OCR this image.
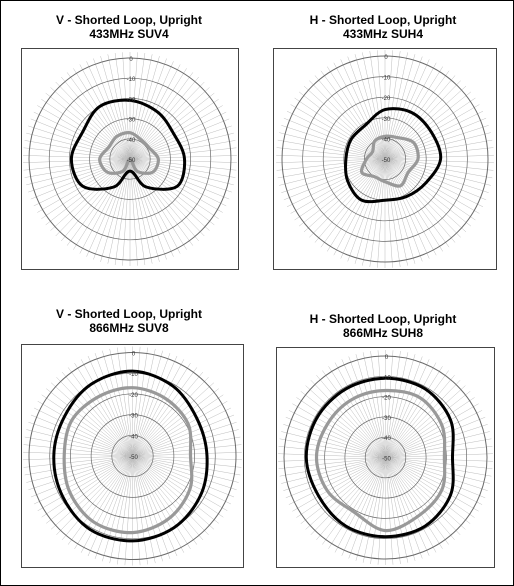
V - Shorted Loop, Upright
433MHz SUV4
0
-10
-20
-30
-40
-50
H - Shorted Loop, Upright
433MHz SUH4
0
-10
-20
-30
-40
-50
V - Shorted Loop, Upright
866MHz SUV8
0
-10
-20
-30
-40
-50
H - Shorted Loop, Upright
866MHz SUH8
0
-10
-20
-30
-40
-50
